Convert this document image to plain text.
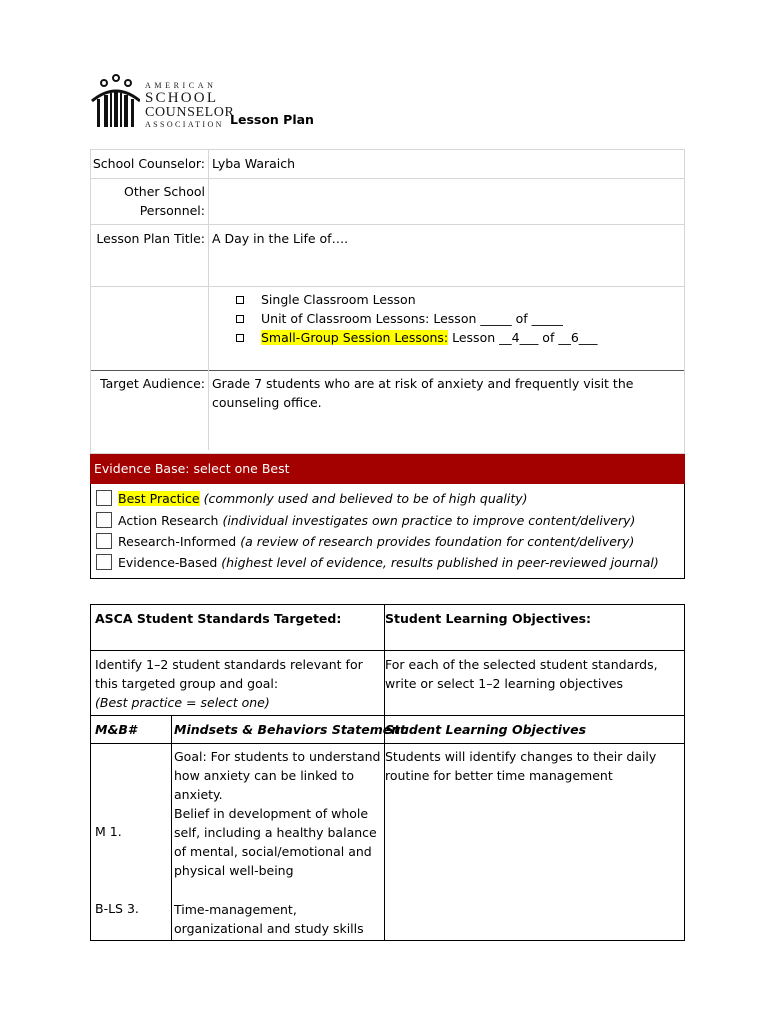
AMERICAN
SCHOOL
COUNSELOR
ASSOCIATION Lesson Plan
School Counselor: Lyba Waraich
Other School
Personnel:
Lesson Plan Title: A Day in the Life of….
Single Classroom Lesson
Unit of Classroom Lessons: Lesson _____ of _____
Small-Group Session Lessons: Lesson __4___ of __6___
Target Audience: Grade 7 students who are at risk of anxiety and frequently visit the
counseling office.
Evidence Base: select one Best
Best Practice (commonly used and believed to be of high quality)
Action Research (individual investigates own practice to improve content/delivery)
Research-Informed (a review of research provides foundation for content/delivery)
Evidence-Based (highest level of evidence, results published in peer-reviewed journal)
ASCA Student Standards Targeted:	Student Learning Objectives:
Identify 1–2 student standards relevant for
this targeted group and goal:
(Best practice = select one)
For each of the selected student standards,
write or select 1–2 learning objectives
M&B#	Mindsets & Behaviors Statement
Student Learning Objectives
M 1.
B-LS 3.
Goal: For students to understand
how anxiety can be linked to
anxiety.
Belief in development of whole
self, including a healthy balance
of mental, social/emotional and
physical well-being
Time-management,
organizational and study skills
Students will identify changes to their daily
routine for better time management
